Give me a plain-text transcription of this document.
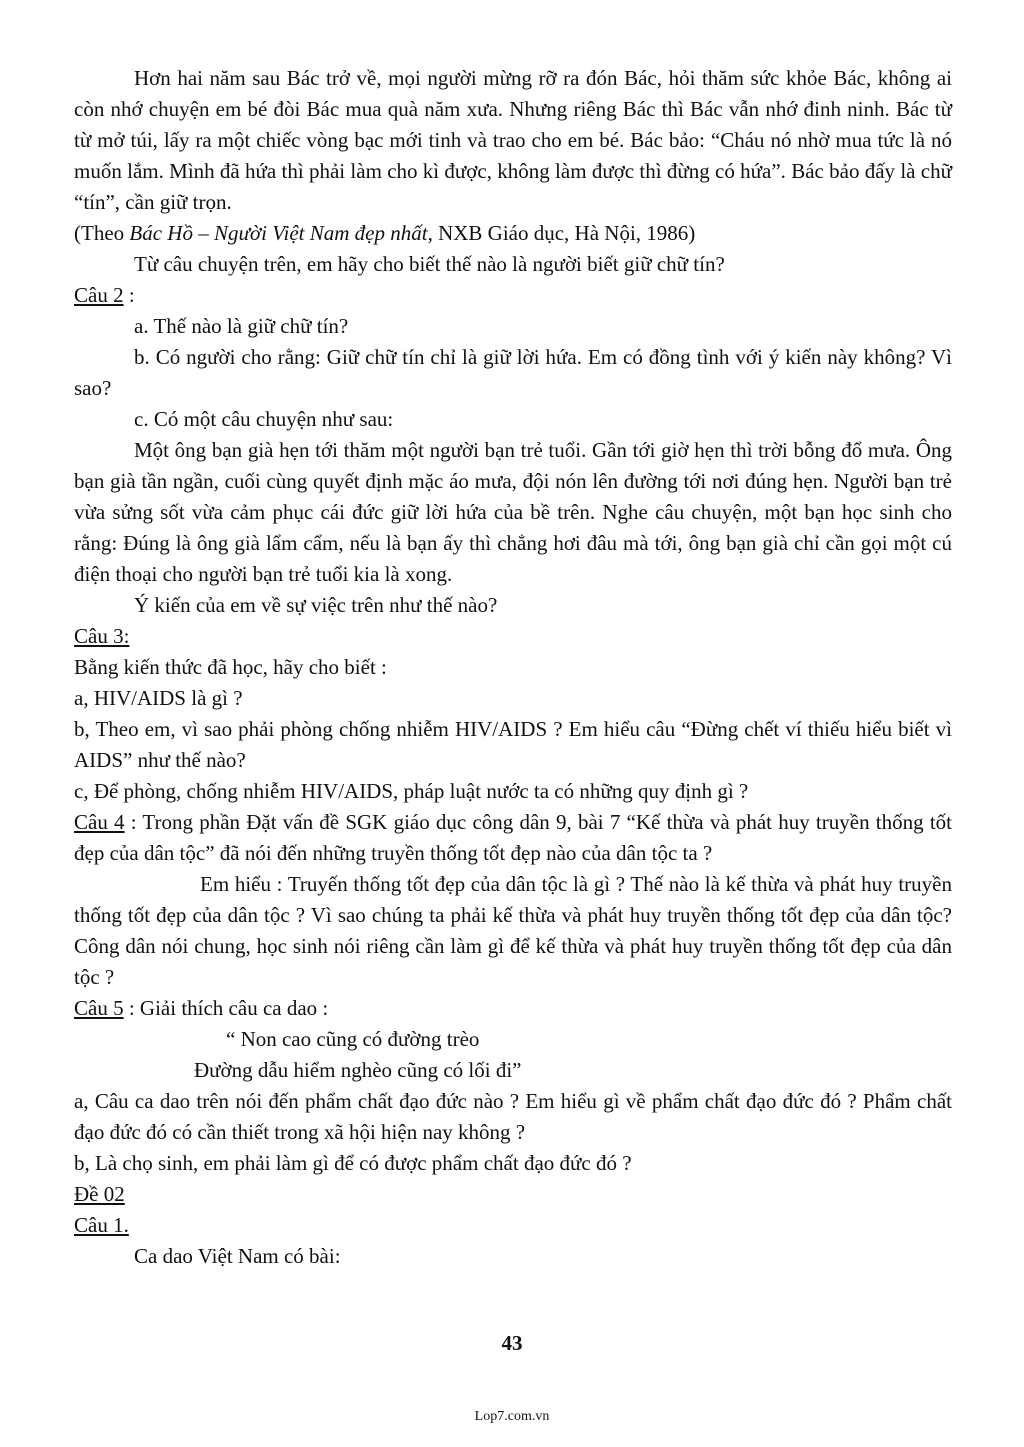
Hơn hai năm sau Bác trở về, mọi người mừng rỡ ra đón Bác, hỏi thăm sức khỏe Bác, không ai còn nhớ chuyện em bé đòi Bác mua quà năm xưa. Nhưng riêng Bác thì Bác vẫn nhớ đinh ninh. Bác từ từ mở túi, lấy ra một chiếc vòng bạc mới tinh và trao cho em bé. Bác bảo: “Cháu nó nhờ mua tức là nó muốn lắm. Mình đã hứa thì phải làm cho kì được, không làm được thì đừng có hứa”. Bác bảo đấy là chữ “tín”, cần giữ trọn.

(Theo Bác Hồ – Người Việt Nam đẹp nhất, NXB Giáo dục, Hà Nội, 1986)

Từ câu chuyện trên, em hãy cho biết thế nào là người biết giữ chữ tín?

Câu 2 :

a. Thế nào là giữ chữ tín?

b. Có người cho rằng: Giữ chữ tín chỉ là giữ lời hứa. Em có đồng tình với ý kiến này không? Vì sao?

c. Có một câu chuyện như sau:

Một ông bạn già hẹn tới thăm một người bạn trẻ tuổi. Gần tới giờ hẹn thì trời bỗng đổ mưa. Ông bạn già tần ngần, cuối cùng quyết định mặc áo mưa, đội nón lên đường tới nơi đúng hẹn. Người bạn trẻ vừa sửng sốt vừa cảm phục cái đức giữ lời hứa của bề trên. Nghe câu chuyện, một bạn học sinh cho rằng: Đúng là ông già lẩm cẩm, nếu là bạn ấy thì chẳng hơi đâu mà tới, ông bạn già chỉ cần gọi một cú điện thoại cho người bạn trẻ tuổi kia là xong.

Ý kiến của em về sự việc trên như thế nào?

Câu 3:

Bằng kiến thức đã học, hãy cho biết :

a, HIV/AIDS là gì ?

b, Theo em, vì sao phải phòng chống nhiễm HIV/AIDS ? Em hiểu câu “Đừng chết ví thiếu hiểu biết vì AIDS” như thế nào?

c, Để phòng, chống nhiễm HIV/AIDS, pháp luật nước ta có những quy định gì ?

Câu 4 : Trong phần Đặt vấn đề SGK giáo dục công dân 9, bài 7 “Kế thừa và phát huy truyền thống tốt đẹp của dân tộc” đã nói đến những truyền thống tốt đẹp nào của dân tộc ta ?

Em hiểu : Truyến thống tốt đẹp của dân tộc là gì ? Thế nào là kế thừa và phát huy truyền thống tốt đẹp của dân tộc ? Vì sao chúng ta phải kế thừa và phát huy truyền thống tốt đẹp của dân tộc? Công dân nói chung, học sinh nói riêng cần làm gì để kế thừa và phát huy truyền thống tốt đẹp của dân tộc ?

Câu 5 : Giải thích câu ca dao :

“ Non cao cũng có đường trèo

Đường dẫu hiểm nghèo cũng có lối đi”

a, Câu ca dao trên nói đến phẩm chất đạo đức nào ? Em hiểu gì về phẩm chất đạo đức đó ? Phẩm chất đạo đức đó có cần thiết trong xã hội hiện nay không ?

b, Là chọ sinh, em phải làm gì để có được phẩm chất đạo đức đó ?

Đề 02

Câu 1.

Ca dao Việt Nam có bài:

43
Lop7.com.vn
